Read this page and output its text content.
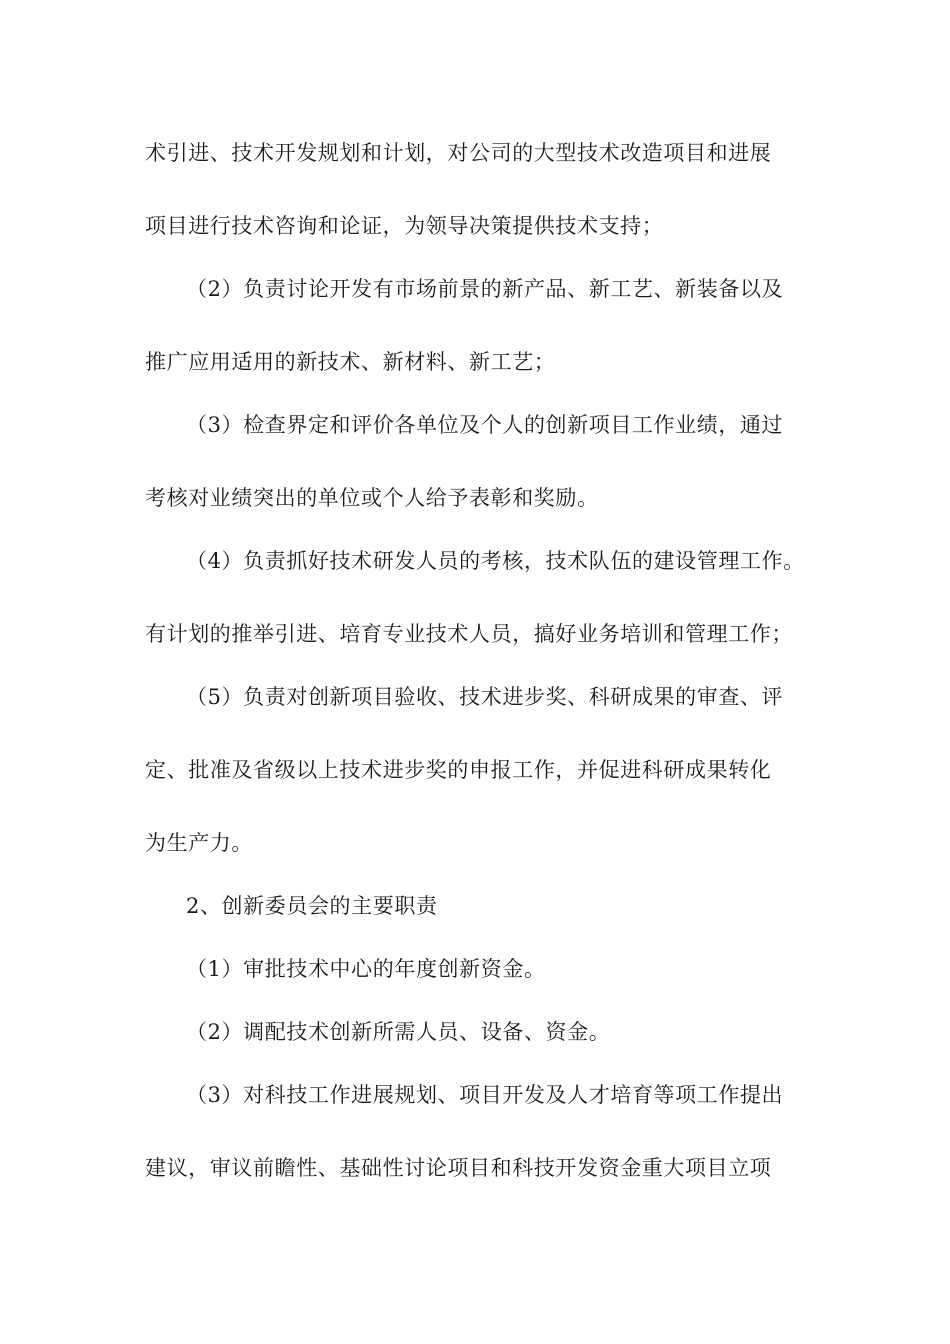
术引进、技术开发规划和计划，对公司的大型技术改造项目和进展
项目进行技术咨询和论证，为领导决策提供技术支持；
（2）负责讨论开发有市场前景的新产品、新工艺、新装备以及
推广应用适用的新技术、新材料、新工艺；
（3）检查界定和评价各单位及个人的创新项目工作业绩，通过
考核对业绩突出的单位或个人给予表彰和奖励。
（4）负责抓好技术研发人员的考核，技术队伍的建设管理工作。
有计划的推举引进、培育专业技术人员，搞好业务培训和管理工作；
（5）负责对创新项目验收、技术进步奖、科研成果的审查、评
定、批准及省级以上技术进步奖的申报工作，并促进科研成果转化
为生产力。
2、创新委员会的主要职责
（1）审批技术中心的年度创新资金。
（2）调配技术创新所需人员、设备、资金。
（3）对科技工作进展规划、项目开发及人才培育等项工作提出
建议，审议前瞻性、基础性讨论项目和科技开发资金重大项目立项
